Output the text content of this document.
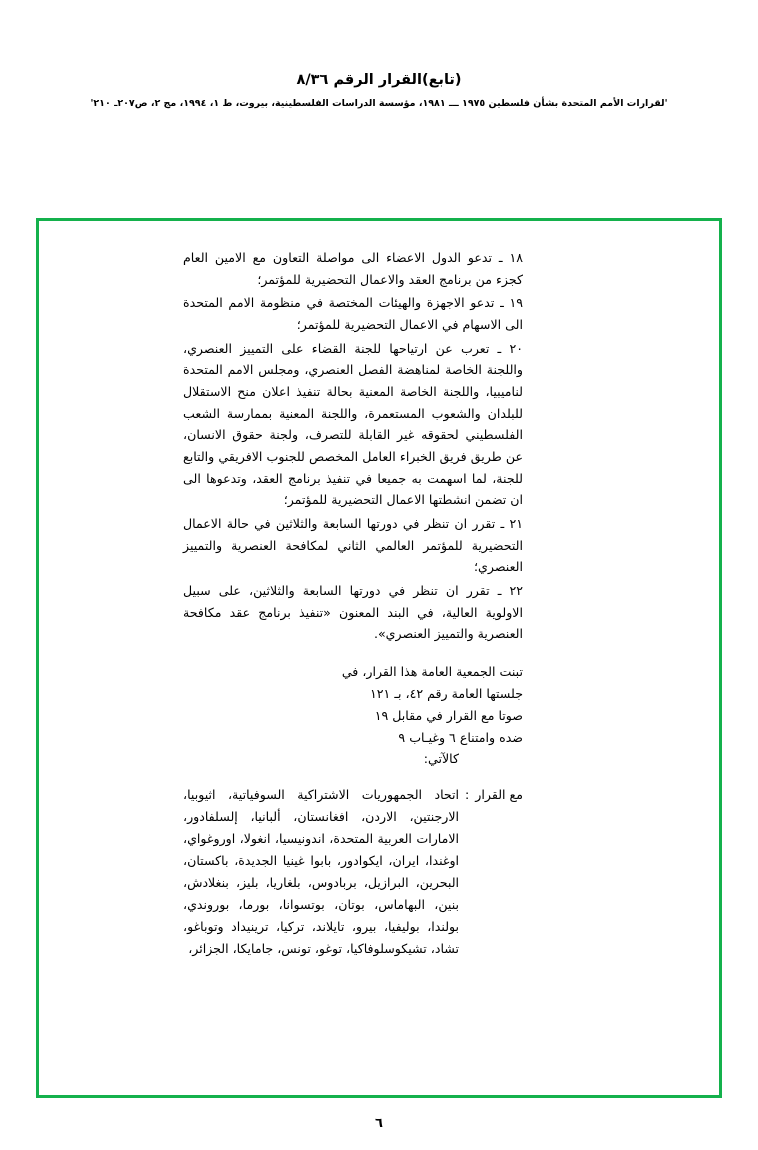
(تابع)القرار الرقم ٨/٣٦
'لقرارات الأمم المتحدة بشأن فلسطين ١٩٧٥ ـــ ١٩٨١، مؤسسة الدراسات الفلسطينية، بيروت، ط ١، ١٩٩٤، مج ٢، ص٢٠٧ـ ٢١٠'

١٨ ـ تدعو الدول الاعضاء الى مواصلة التعاون مع الامين العام كجزء من برنامج العقد والاعمال التحضيرية للمؤتمر؛

١٩ ـ تدعو الاجهزة والهيئات المختصة في منظومة الامم المتحدة الى الاسهام في الاعمال التحضيرية للمؤتمر؛

٢٠ ـ تعرب عن ارتياحها للجنة القضاء على التمييز العنصري، واللجنة الخاصة لمناهضة الفصل العنصري، ومجلس الامم المتحدة لناميبيا، واللجنة الخاصة المعنية بحالة تنفيذ اعلان منح الاستقلال للبلدان والشعوب المستعمرة، واللجنة المعنية بممارسة الشعب الفلسطيني لحقوقه غير القابلة للتصرف، ولجنة حقوق الانسان، عن طريق فريق الخبراء العامل المخصص للجنوب الافريقي والتابع للجنة، لما اسهمت به جميعا في تنفيذ برنامج العقد، وتدعوها الى ان تضمن انشطتها الاعمال التحضيرية للمؤتمر؛

٢١ ـ تقرر ان تنظر في دورتها السابعة والثلاثين في حالة الاعمال التحضيرية للمؤتمر العالمي الثاني لمكافحة العنصرية والتمييز العنصري؛

٢٢ ـ تقرر ان تنظر في دورتها السابعة والثلاثين، على سبيل الاولوية العالية، في البند المعنون «تنفيذ برنامج عقد مكافحة العنصرية والتمييز العنصري».

تبنت الجمعية العامة هذا القرار، في

جلستها العامة رقم ٤٢، بـ ١٢١

صوتا مع القرار في مقابل ١٩

ضده وامتناع ٦ وغيـاب ٩

كالآتي:

مع القرار
:
اتحاد الجمهوريات الاشتراكية السوفياتية، اثيوبيا، الارجنتين، الاردن، افغانستان، ألبانيا، إلسلفادور، الامارات العربية المتحدة، اندونيسيا، انغولا، اوروغواي، اوغندا، ايران، ايكوادور، بابوا غينيا الجديدة، باكستان، البحرين، البرازيل، بربادوس، بلغاريا، بليز، بنغلادش، بنين، البهاماس، بوتان، بوتسوانا، بورما، بوروندي، بولندا، بوليفيا، بيرو، تايلاند، تركيا، ترينيداد وتوباغو، تشاد، تشيكوسلوفاكيا، توغو، تونس، جامايكا، الجزائر،
٦
